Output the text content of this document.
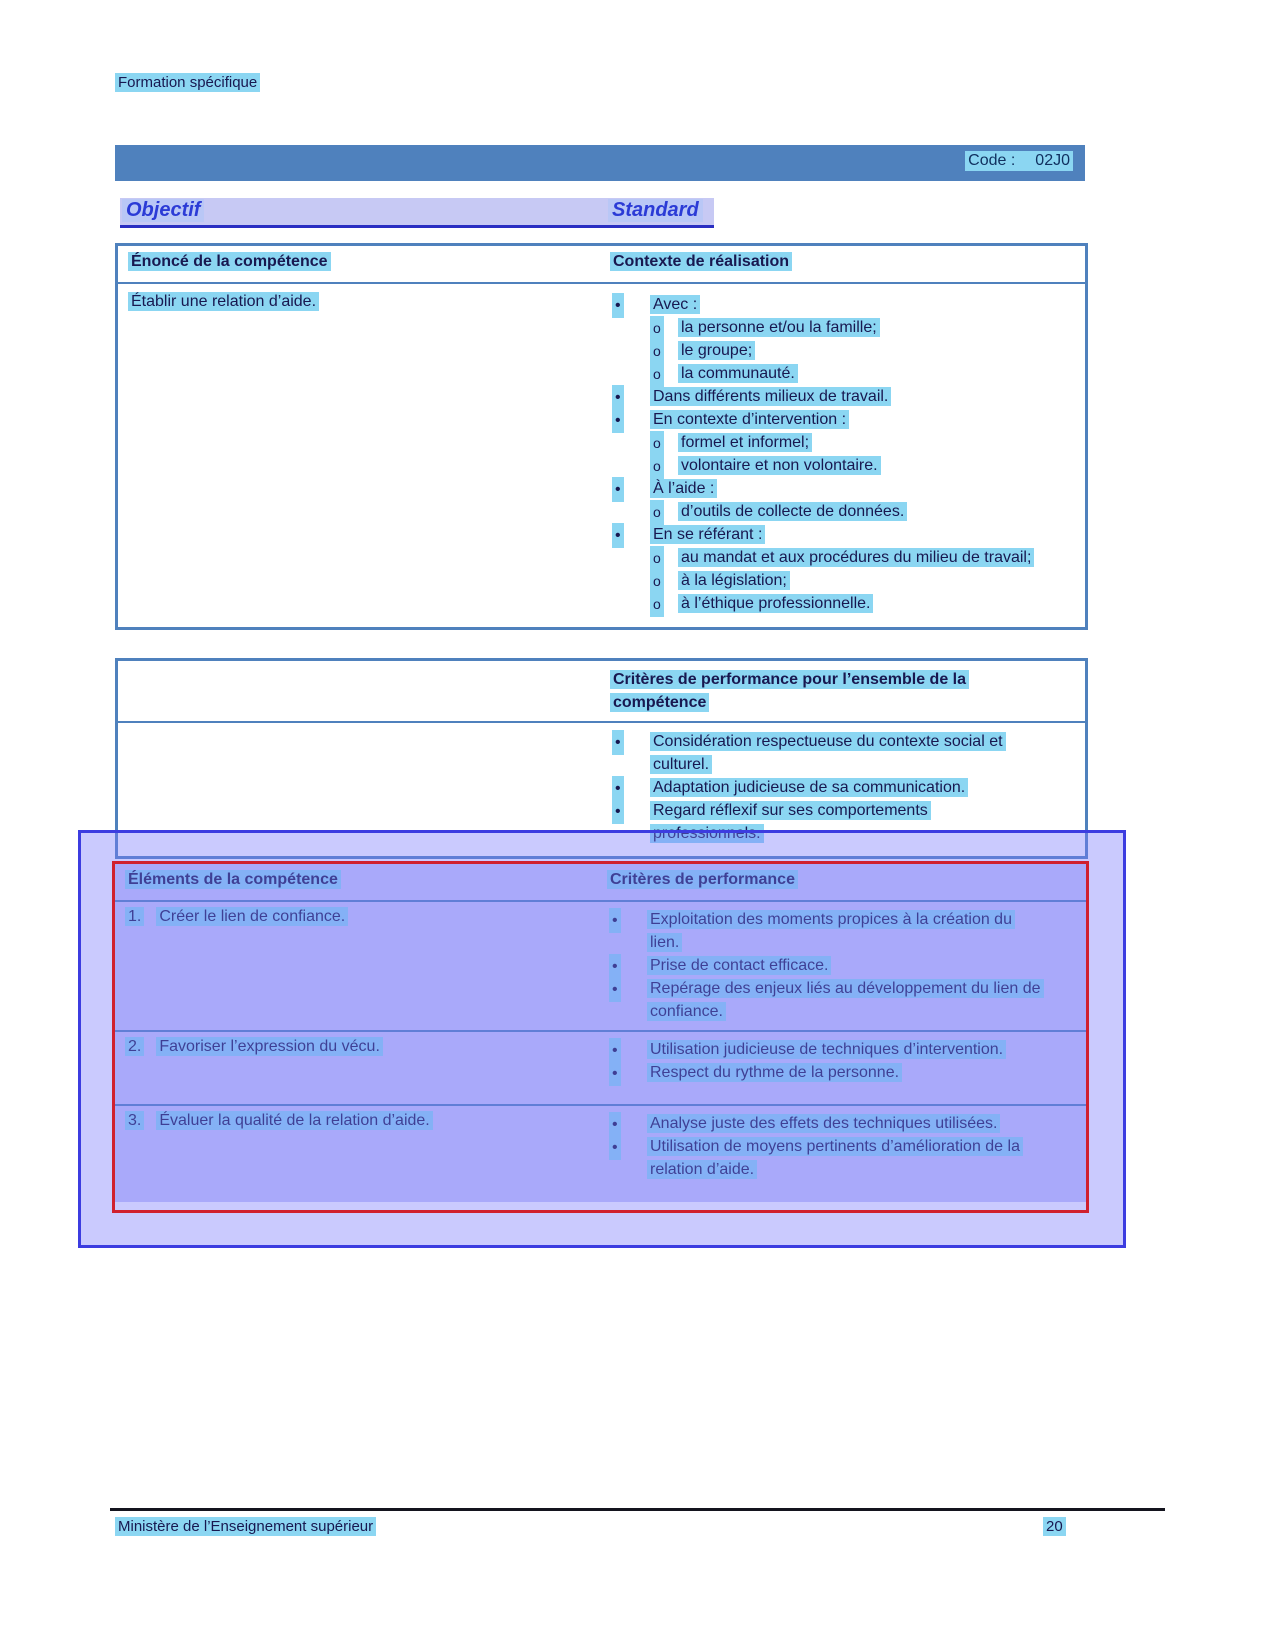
Formation spécifique
Code : 02J0
Objectif	Standard
Énoncé de la compétence	Contexte de réalisation
Établir une relation d’aide.	• Avec :
o la personne et/ou la famille;
o le groupe;
o la communauté.
• Dans différents milieux de travail.
• En contexte d’intervention :
o formel et informel;
o volontaire et non volontaire.
• À l’aide :
o d’outils de collecte de données.
• En se référant :
o au mandat et aux procédures du milieu de travail;
o à la législation;
o à l’éthique professionnelle.
Critères de performance pour l’ensemble de la compétence
• Considération respectueuse du contexte social et culturel.
• Adaptation judicieuse de sa communication.
• Regard réflexif sur ses comportements professionnels.
Éléments de la compétence	Critères de performance
1. Créer le lien de confiance.	• Exploitation des moments propices à la création du lien.
• Prise de contact efficace.
• Repérage des enjeux liés au développement du lien de confiance.
2. Favoriser l’expression du vécu.	• Utilisation judicieuse de techniques d’intervention.
• Respect du rythme de la personne.
3. Évaluer la qualité de la relation d’aide.	• Analyse juste des effets des techniques utilisées.
• Utilisation de moyens pertinents d’amélioration de la relation d’aide.
Ministère de l’Enseignement supérieur	20
